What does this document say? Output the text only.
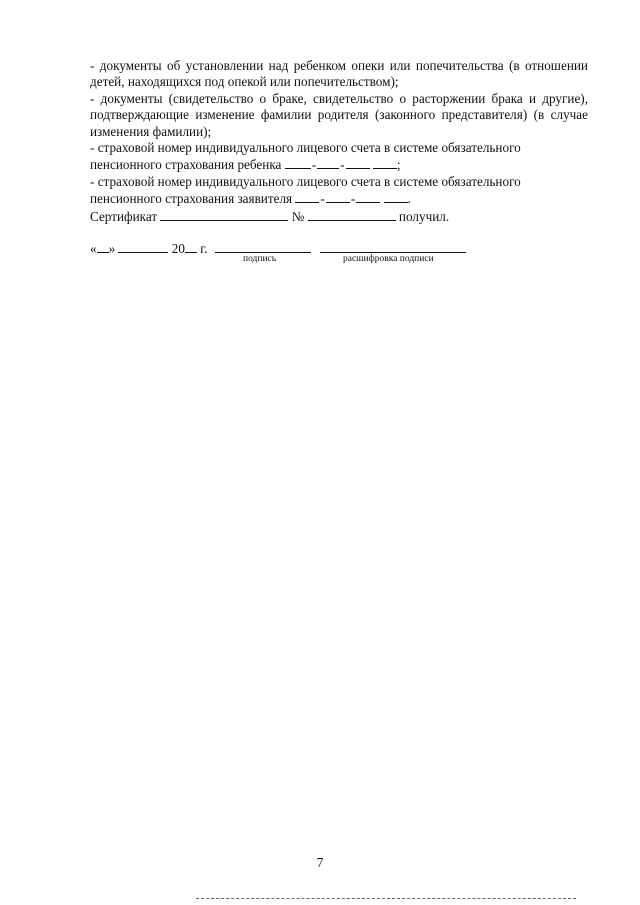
- документы об установлении над ребенком опеки или попечительства (в отношении детей, находящихся под опекой или попечительством);

- документы (свидетельство о браке, свидетельство о расторжении брака и другие), подтверждающие изменение фамилии родителя (законного представителя) (в случае изменения фамилии);

- страховой номер индивидуального лицевого счета в системе обязательного пенсионного страхования ребенка - -	;

- страховой номер индивидуального лицевого счета в системе обязательного пенсионного страхования заявителя - -	.

Сертификат	№	получил.
« »	20 г.
подпись	расшифровка подписи
7
